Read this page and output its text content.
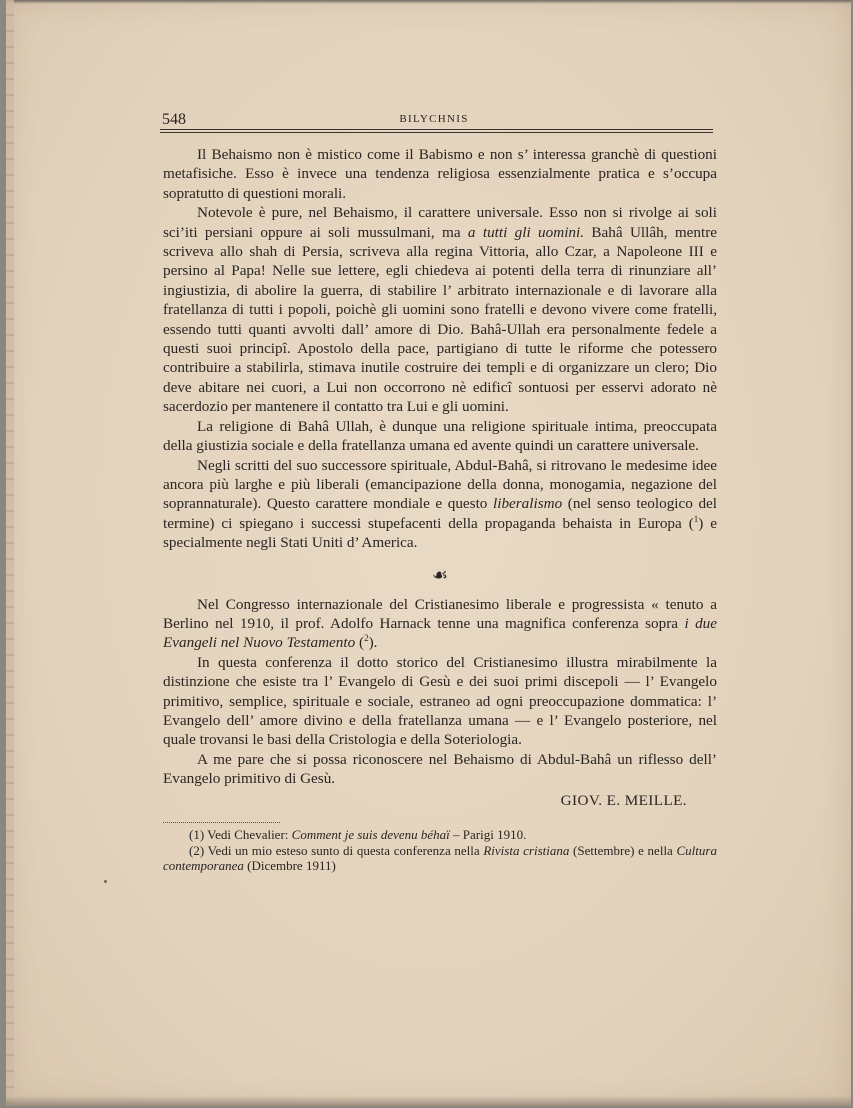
548	BILYCHNIS

Il Behaismo non è mistico come il Babismo e non s’ interessa granchè di questioni metafisiche. Esso è invece una tendenza religiosa essenzialmente pratica e s’occupa sopratutto di questioni morali.

Notevole è pure, nel Behaismo, il carattere universale. Esso non si rivolge ai soli sci’iti persiani oppure ai soli mussulmani, ma a tutti gli uomini. Bahâ Ullâh, mentre scriveva allo shah di Persia, scriveva alla regina Vittoria, allo Czar, a Napoleone III e persino al Papa! Nelle sue lettere, egli chiedeva ai potenti della terra di rinunziare all’ ingiustizia, di abolire la guerra, di stabilire l’ arbitrato internazionale e di lavorare alla fratellanza di tutti i popoli, poichè gli uomini sono fratelli e devono vivere come fratelli, essendo tutti quanti avvolti dall’ amore di Dio. Bahâ-Ullah era personalmente fedele a questi suoi principî. Apostolo della pace, partigiano di tutte le riforme che potessero contribuire a stabilirla, stimava inutile costruire dei templi e di organizzare un clero; Dio deve abitare nei cuori, a Lui non occorrono nè edificî sontuosi per esservi adorato nè sacerdozio per mantenere il contatto tra Lui e gli uomini.

La religione di Bahâ Ullah, è dunque una religione spirituale intima, preoccupata della giustizia sociale e della fratellanza umana ed avente quindi un carattere universale.

Negli scritti del suo successore spirituale, Abdul-Bahâ, si ritrovano le medesime idee ancora più larghe e più liberali (emancipazione della donna, monogamia, negazione del soprannaturale). Questo carattere mondiale e questo liberalismo (nel senso teologico del termine) ci spiegano i successi stupefacenti della propaganda behaista in Europa ($^1$) e specialmente negli Stati Uniti d’ America.

☙

Nel Congresso internazionale del Cristianesimo liberale e progressista « tenuto a Berlino nel 1910, il prof. Adolfo Harnack tenne una magnifica conferenza sopra i due Evangeli nel Nuovo Testamento ($^2$).

In questa conferenza il dotto storico del Cristianesimo illustra mirabilmente la distinzione che esiste tra l’ Evangelo di Gesù e dei suoi primi discepoli — l’ Evangelo primitivo, semplice, spirituale e sociale, estraneo ad ogni preoccupazione dommatica: l’ Evangelo dell’ amore divino e della fratellanza umana — e l’ Evangelo posteriore, nel quale trovansi le basi della Cristologia e della Soteriologia.

A me pare che si possa riconoscere nel Behaismo di Abdul-Bahâ un riflesso dell’ Evangelo primitivo di Gesù.

GIOV. E. MEILLE.

(1) Vedi Chevalier: Comment je suis devenu béhaï – Parigi 1910.

(2) Vedi un mio esteso sunto di questa conferenza nella Rivista cristiana (Settembre) e nella Cultura contemporanea (Dicembre 1911)
